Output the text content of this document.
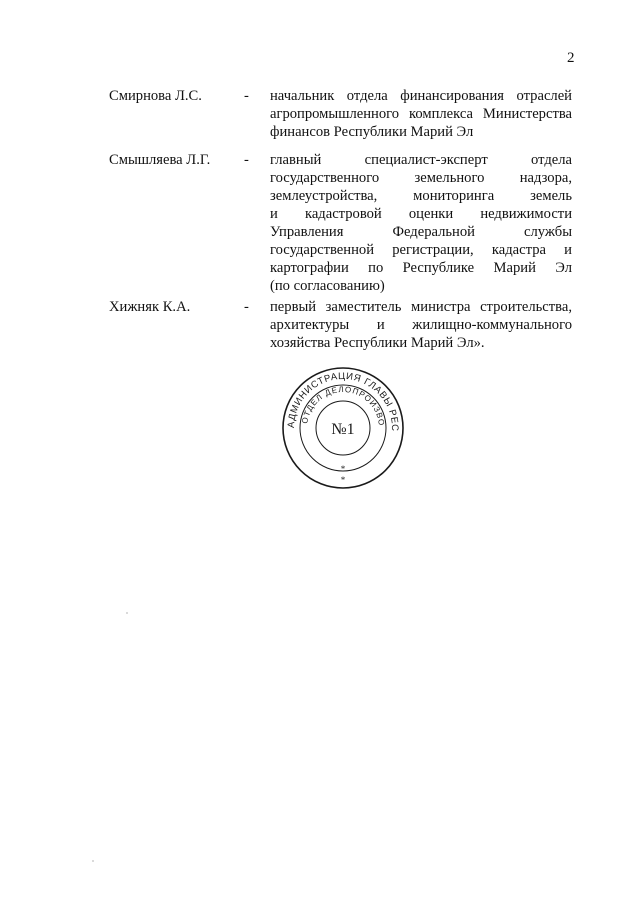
2
Смирнова Л.С.	- начальник отдела финансирования отраслей
агропромышленного комплекса Министерства
финансов Республики Марий Эл
Смышляева Л.Г. - главный специалист-эксперт отдела
государственного земельного надзора,
землеустройства, мониторинга земель
и кадастровой оценки недвижимости
Управления Федеральной службы
государственной регистрации, кадастра и
картографии по Республике Марий Эл
(по согласованию)
Хижняк К.А.	- первый заместитель министра строительства,
архитектуры и жилищно-коммунального
хозяйства Республики Марий Эл».
АДМИНИСТРАЦИЯ ГЛАВЫ РЕС
ОТДЕЛ ДЕЛОПРОИЗВО
№1
*
*
